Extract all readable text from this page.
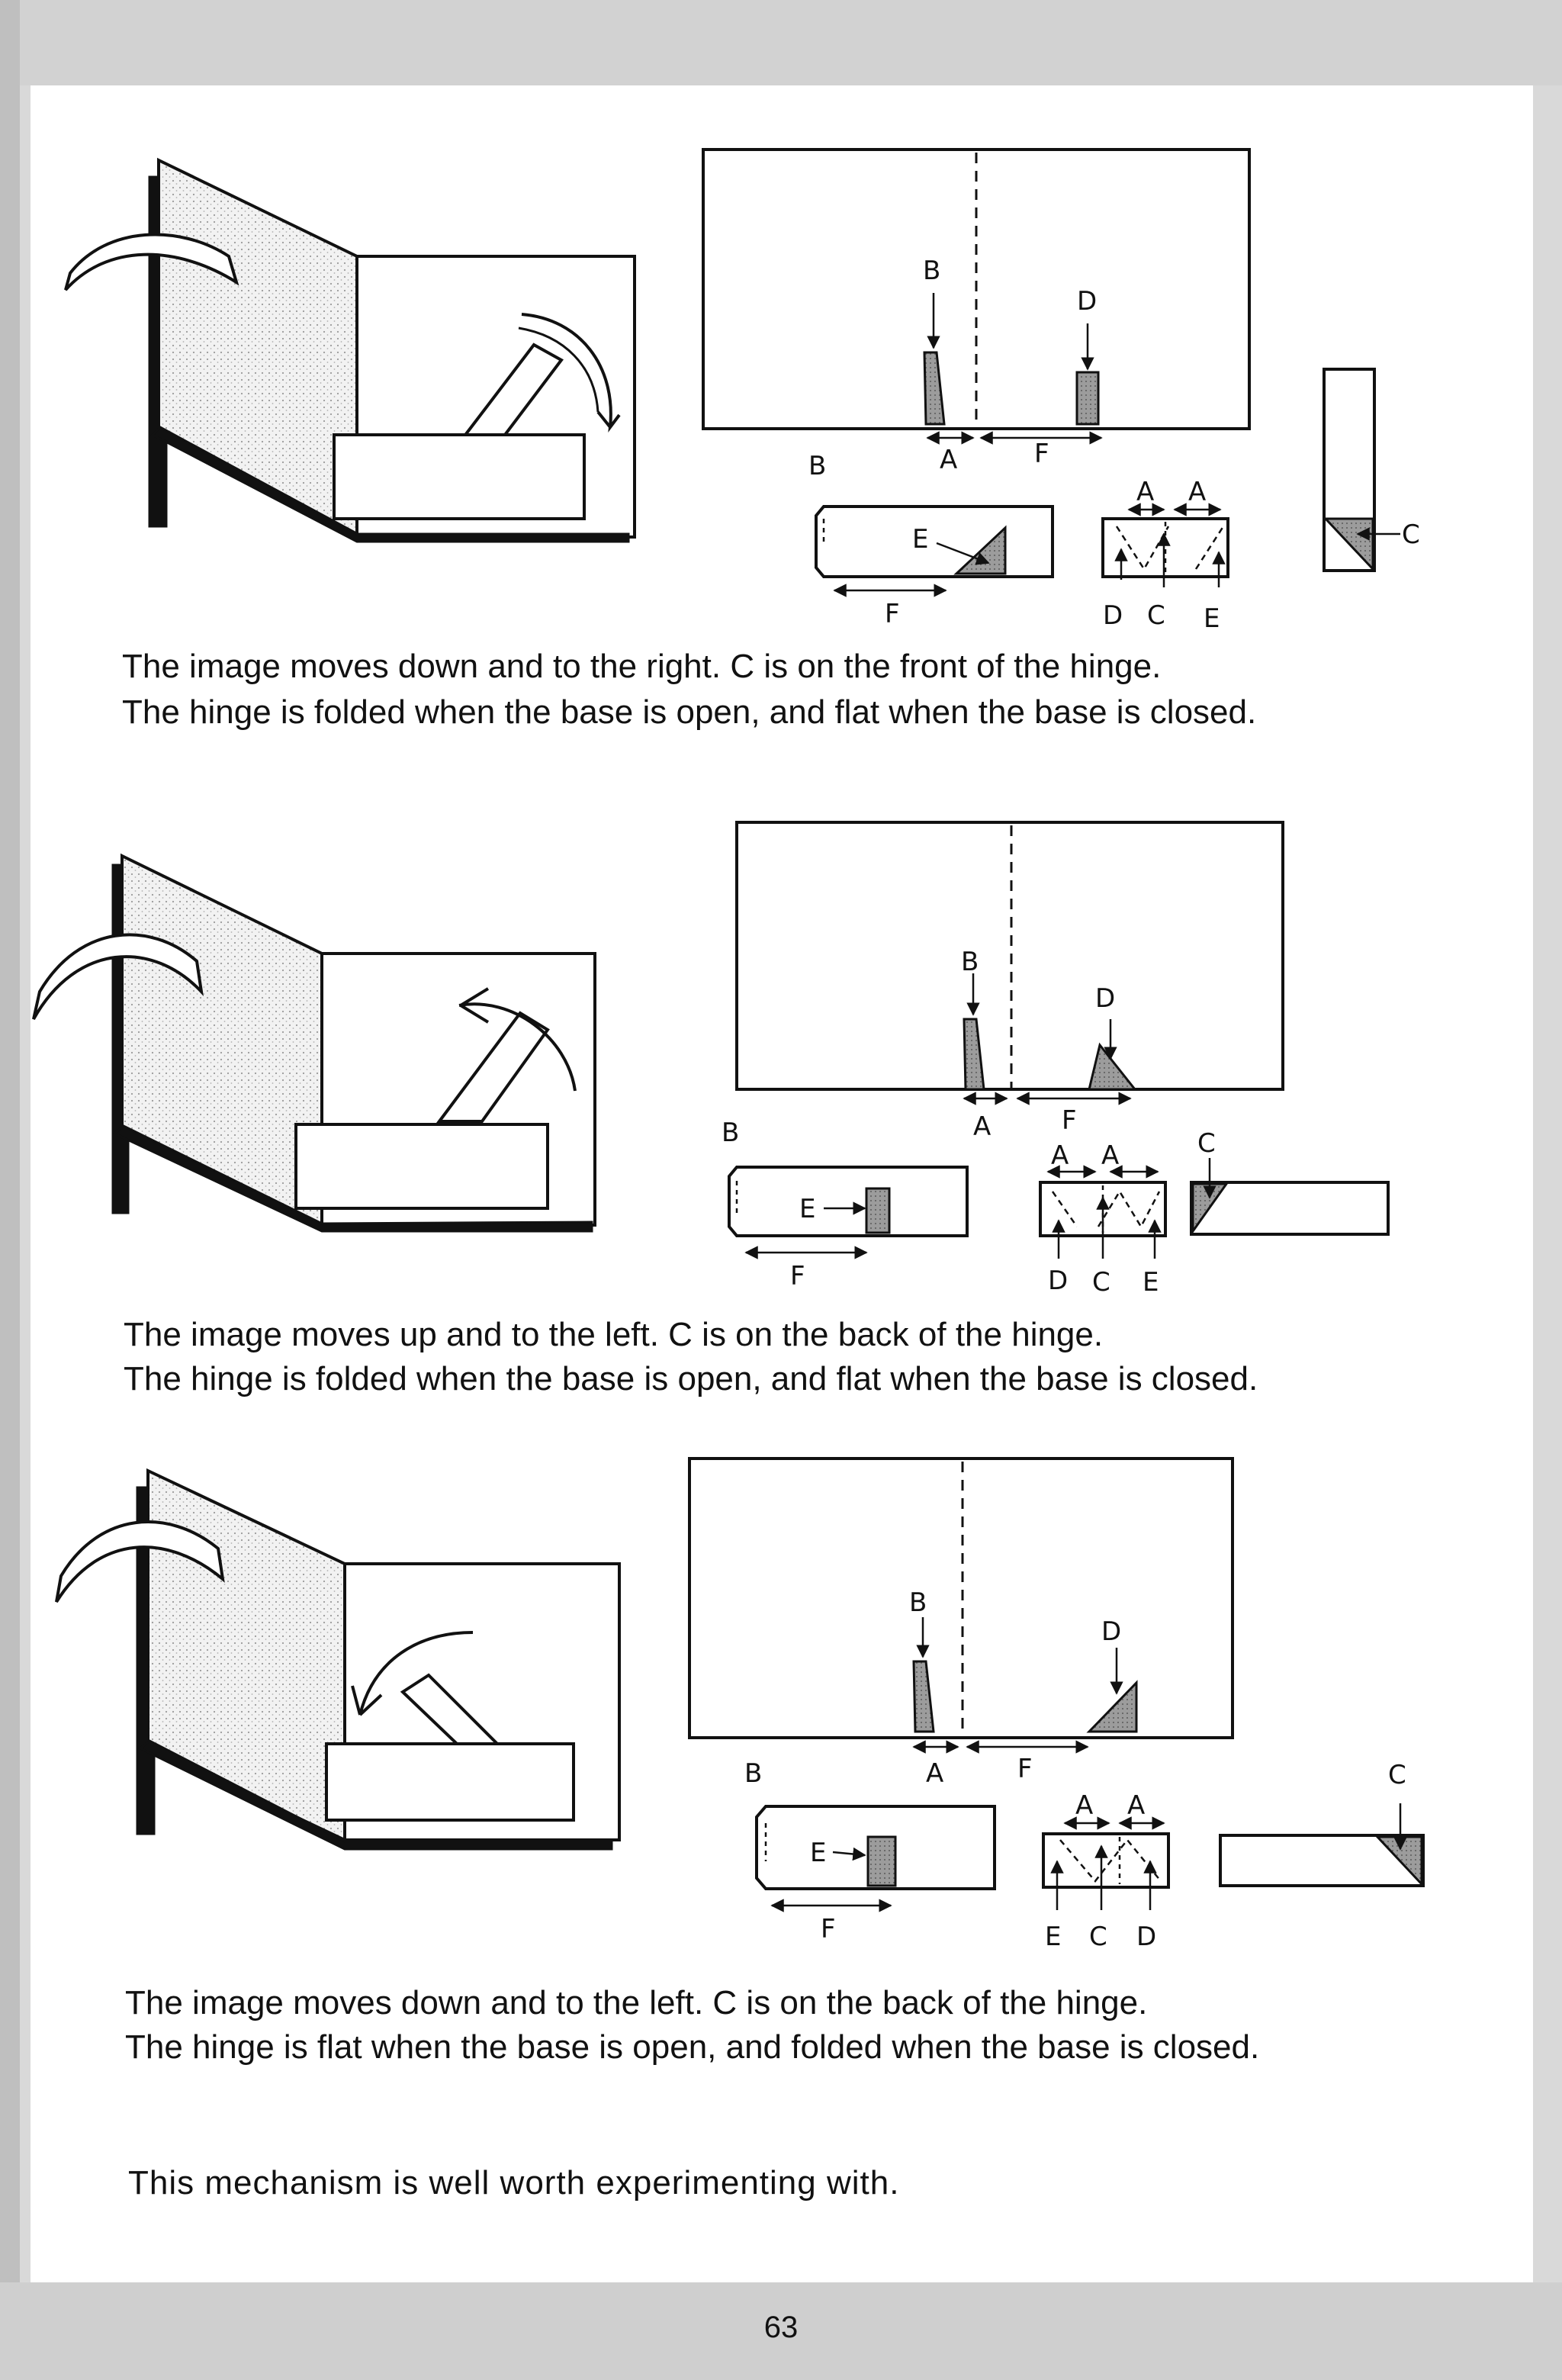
B
D
B	A	F
E
F
A A
D C E
C
The image moves down and to the right. C is on the front of the hinge.
The hinge is folded when the base is open, and flat when the base is closed.
B
D
B	A	F
E
F
A A	C
D C E
The image moves up and to the left. C is on the back of the hinge.
The hinge is folded when the base is open, and flat when the base is closed.
B
D
B	A	F
E
F
A A
C
E C D
The image moves down and to the left. C is on the back of the hinge.
The hinge is flat when the base is open, and folded when the base is closed.
This mechanism is well worth experimenting with.
63
